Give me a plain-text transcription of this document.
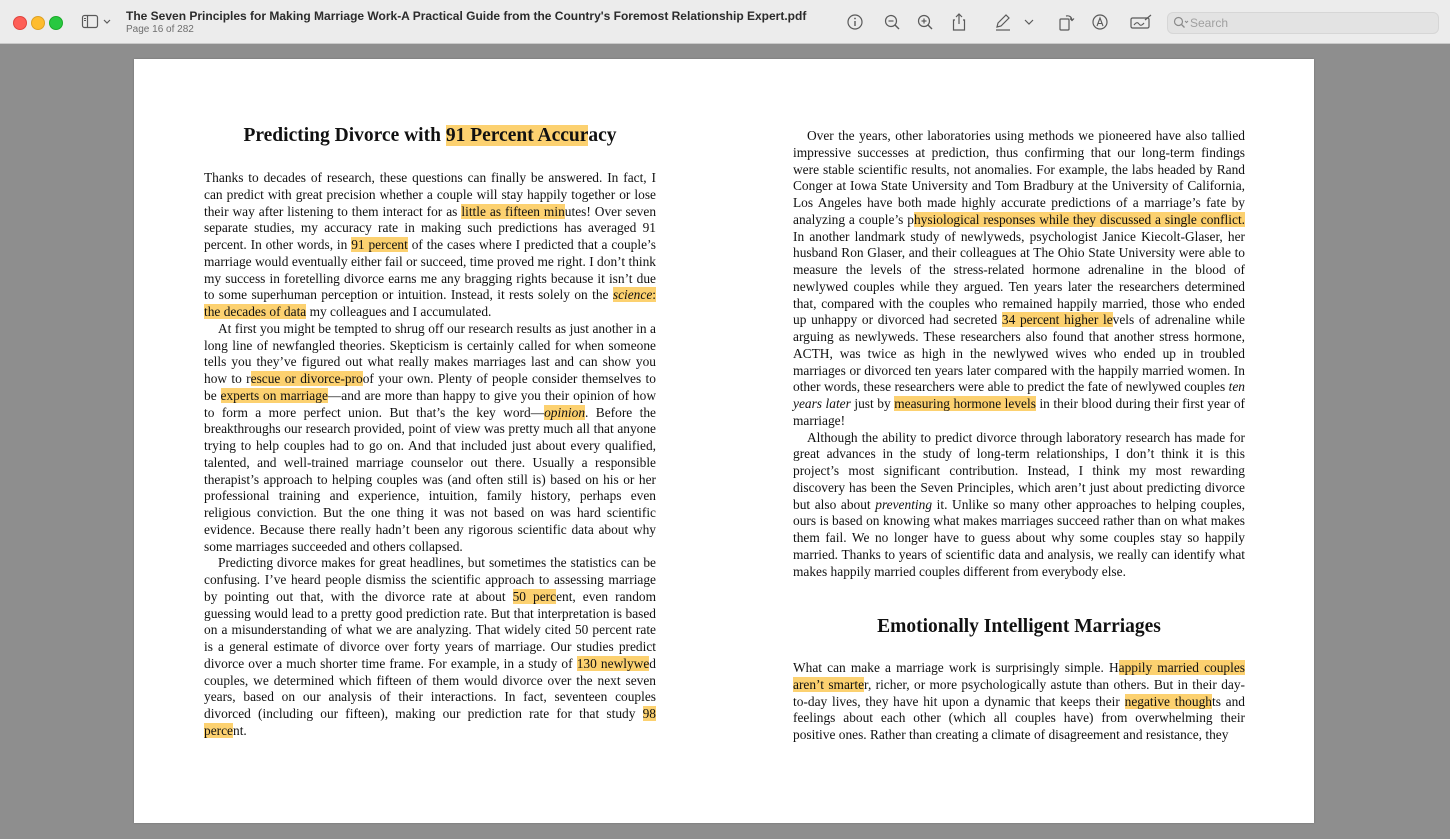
The Seven Principles for Making Marriage Work-A Practical Guide from the Country's Foremost Relationship Expert.pdf
Page 16 of 282
Search
Predicting Divorce with 91 Percent Accuracy

Thanks to decades of research, these questions can finally be answered. In fact, I can predict with great precision whether a couple will stay happily together or lose their way after listening to them interact for as little as fifteen minutes! Over seven separate studies, my accuracy rate in making such predictions has averaged 91 percent. In other words, in 91 percent of the cases where I predicted that a couple’s marriage would eventually either fail or succeed, time proved me right. I don’t think my success in foretelling divorce earns me any bragging rights because it isn’t due to some superhuman perception or intuition. Instead, it rests solely on the science: the decades of data my colleagues and I accumulated.

At first you might be tempted to shrug off our research results as just another in a long line of newfangled theories. Skepticism is certainly called for when someone tells you they’ve figured out what really makes marriages last and can show you how to rescue or divorce-proof your own. Plenty of people consider themselves to be experts on marriage—and are more than happy to give you their opinion of how to form a more perfect union. But that’s the key word—opinion. Before the breakthroughs our research provided, point of view was pretty much all that anyone trying to help couples had to go on. And that included just about every qualified, talented, and well-trained marriage counselor out there. Usually a responsible therapist’s approach to helping couples was (and often still is) based on his or her professional training and experience, intuition, family history, perhaps even religious conviction. But the one thing it was not based on was hard scientific evidence. Because there really hadn’t been any rigorous scientific data about why some marriages succeeded and others collapsed.

Predicting divorce makes for great headlines, but sometimes the statistics can be confusing. I’ve heard people dismiss the scientific approach to assessing marriage by pointing out that, with the divorce rate at about 50 percent, even random guessing would lead to a pretty good prediction rate. But that interpretation is based on a misunderstanding of what we are analyzing. That widely cited 50 percent rate is a general estimate of divorce over forty years of marriage. Our studies predict divorce over a much shorter time frame. For example, in a study of 130 newlywed couples, we determined which fifteen of them would divorce over the next seven years, based on our analysis of their interactions. In fact, seventeen couples divorced (including our fifteen), making our prediction rate for that study 98 percent.

Over the years, other laboratories using methods we pioneered have also tallied impressive successes at prediction, thus confirming that our long-term findings were stable scientific results, not anomalies. For example, the labs headed by Rand Conger at Iowa State University and Tom Bradbury at the University of California, Los Angeles have both made highly accurate predictions of a marriage’s fate by analyzing a couple’s physiological responses while they discussed a single conflict. In another landmark study of newlyweds, psychologist Janice Kiecolt-Glaser, her husband Ron Glaser, and their colleagues at The Ohio State University were able to measure the levels of the stress-related hormone adrenaline in the blood of newlywed couples while they argued. Ten years later the researchers determined that, compared with the couples who remained happily married, those who ended up unhappy or divorced had secreted 34 percent higher levels of adrenaline while arguing as newlyweds. These researchers also found that another stress hormone, ACTH, was twice as high in the newlywed wives who ended up in troubled marriages or divorced ten years later compared with the happily married women. In other words, these researchers were able to predict the fate of newlywed couples ten years later just by measuring hormone levels in their blood during their first year of marriage!

Although the ability to predict divorce through laboratory research has made for great advances in the study of long-term relationships, I don’t think it is this project’s most significant contribution. Instead, I think my most rewarding discovery has been the Seven Principles, which aren’t just about predicting divorce but also about preventing it. Unlike so many other approaches to helping couples, ours is based on knowing what makes marriages succeed rather than on what makes them fail. We no longer have to guess about why some couples stay so happily married. Thanks to years of scientific data and analysis, we really can identify what makes happily married couples different from everybody else.

Emotionally Intelligent Marriages

What can make a marriage work is surprisingly simple. Happily married couples aren’t smarter, richer, or more psychologically astute than others. But in their day-to-day lives, they have hit upon a dynamic that keeps their negative thoughts and feelings about each other (which all couples have) from overwhelming their positive ones. Rather than creating a climate of disagreement and resistance, they
